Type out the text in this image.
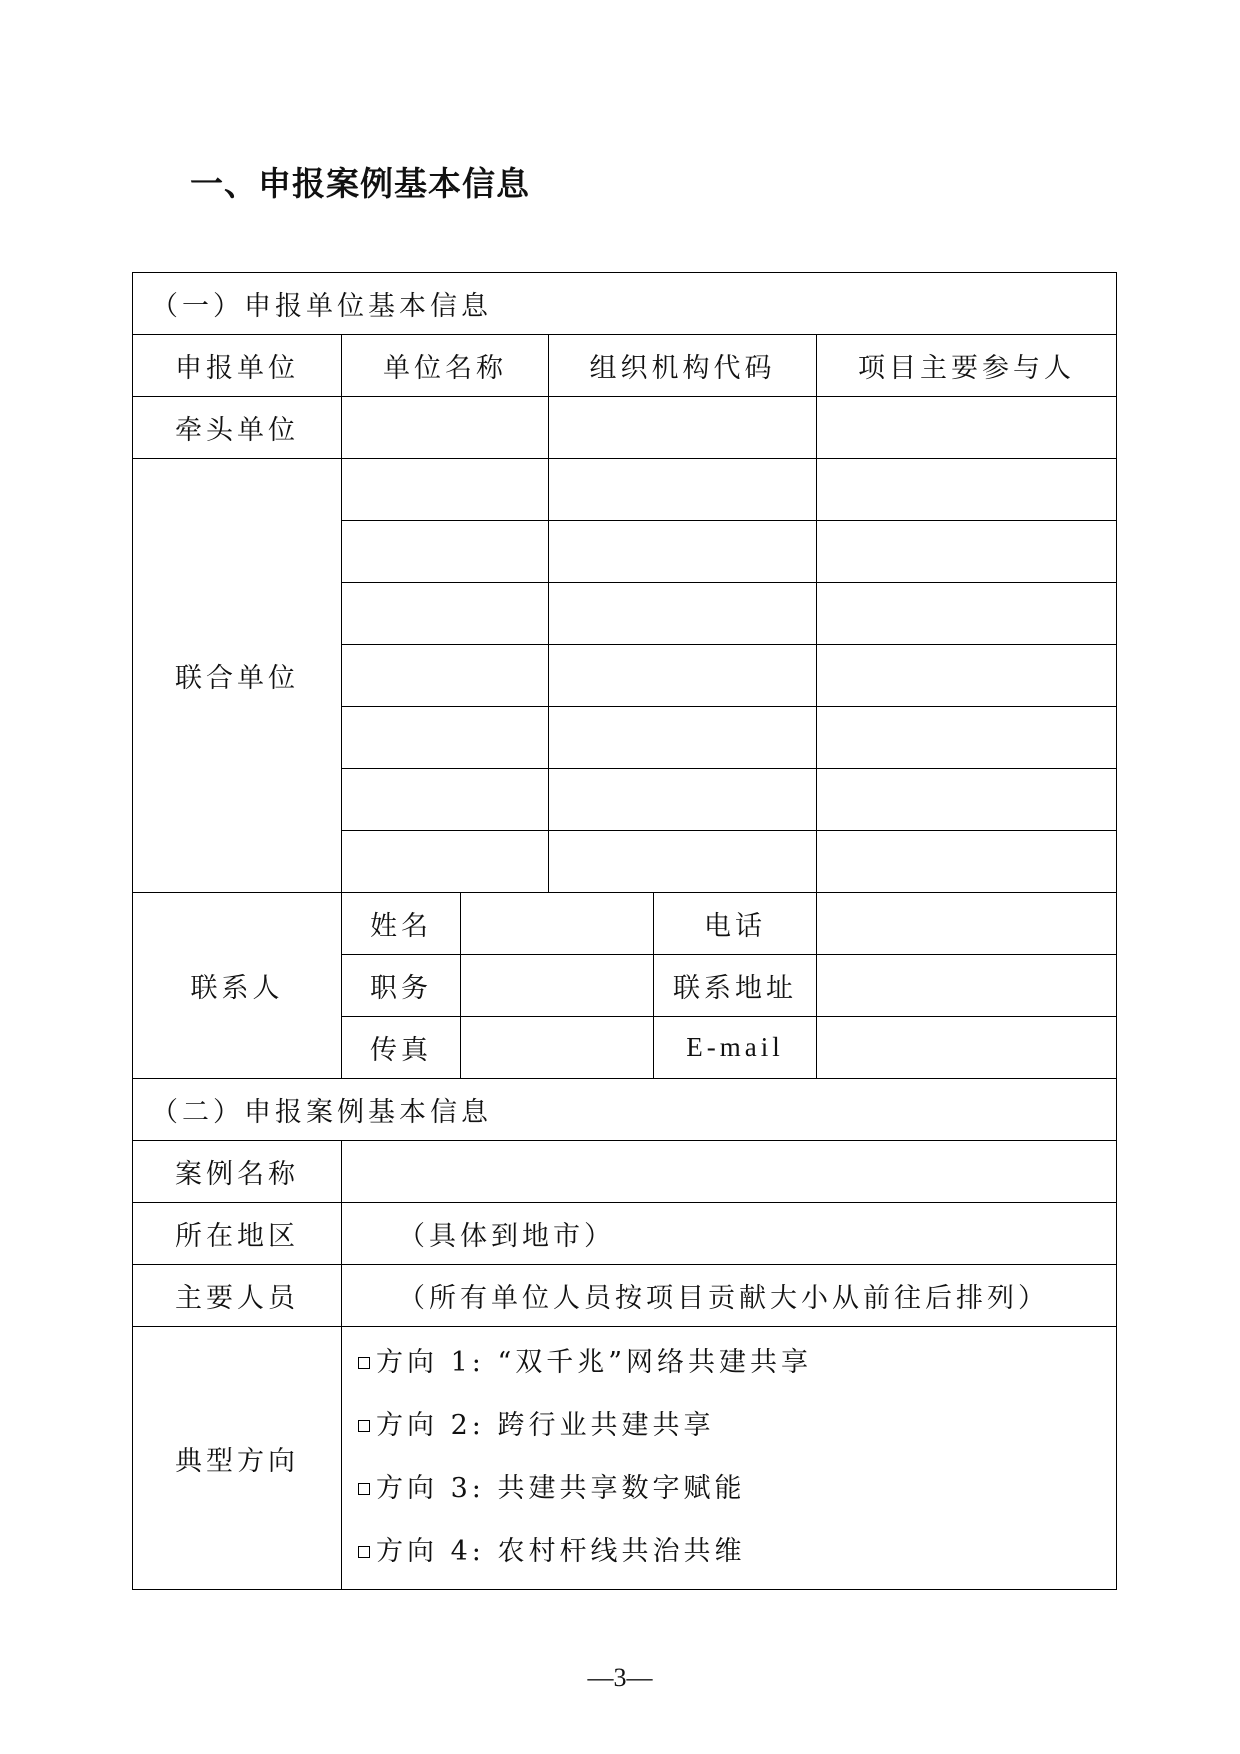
一、申报案例基本信息
（一）申报单位基本信息					
申报单位	单位名称		组织机构代码		项目主要参与人
牵头单位					
联合单位					

联系人	姓名			电话	
	职务			联系地址	
	传真			E-mail	
（二）申报案例基本信息					
案例名称					
所在地区	（具体到地市）				
主要人员	（所有单位人员按项目贡献大小从前往后排列）				
典型方向	方向 1: “双千兆”网络共建共享
方向 2: 跨行业共建共享
方向 3: 共建共享数字赋能
方向 4: 农村杆线共治共维				
—3—
